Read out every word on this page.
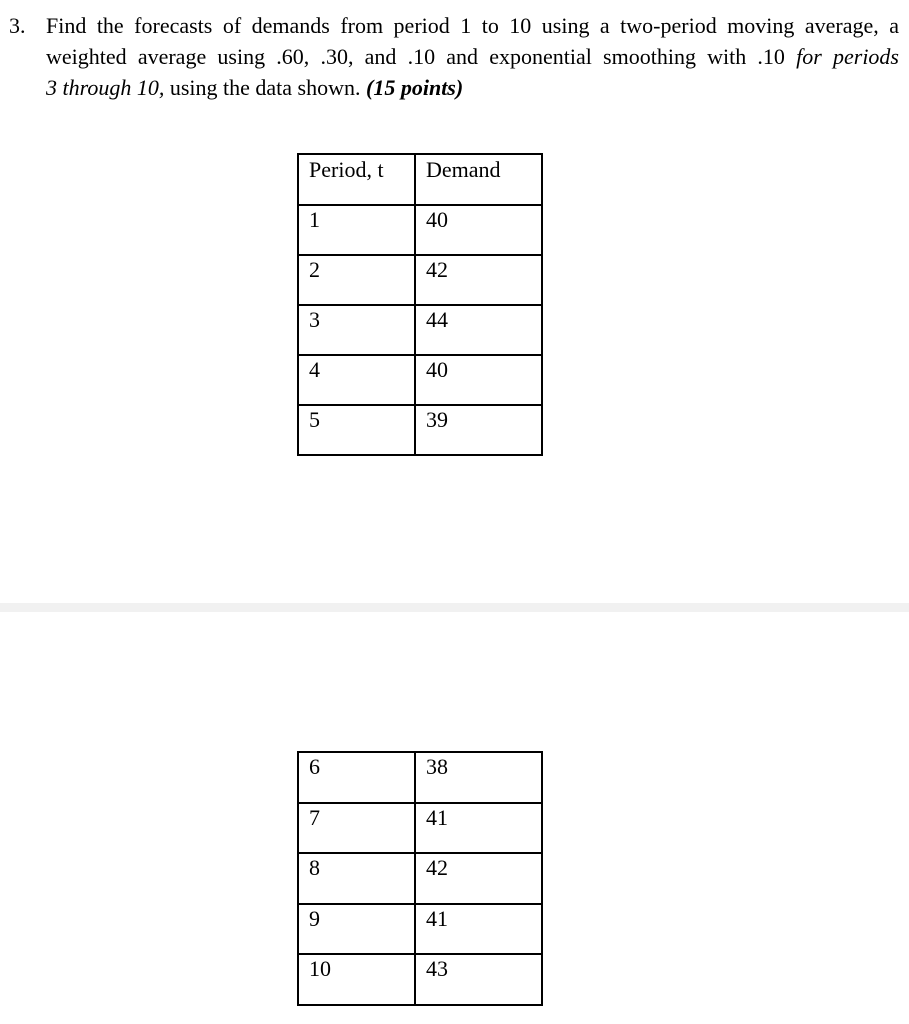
3. Find the forecasts of demands from period 1 to 10 using a two-period moving average, a
weighted average using .60, .30, and .10 and exponential smoothing with .10 for periods
3 through 10, using the data shown. (15 points)
Period, t	Demand

1	40

2	42

3	44

4	40

5	39
6	38

7	41

8	42

9	41

10	43
